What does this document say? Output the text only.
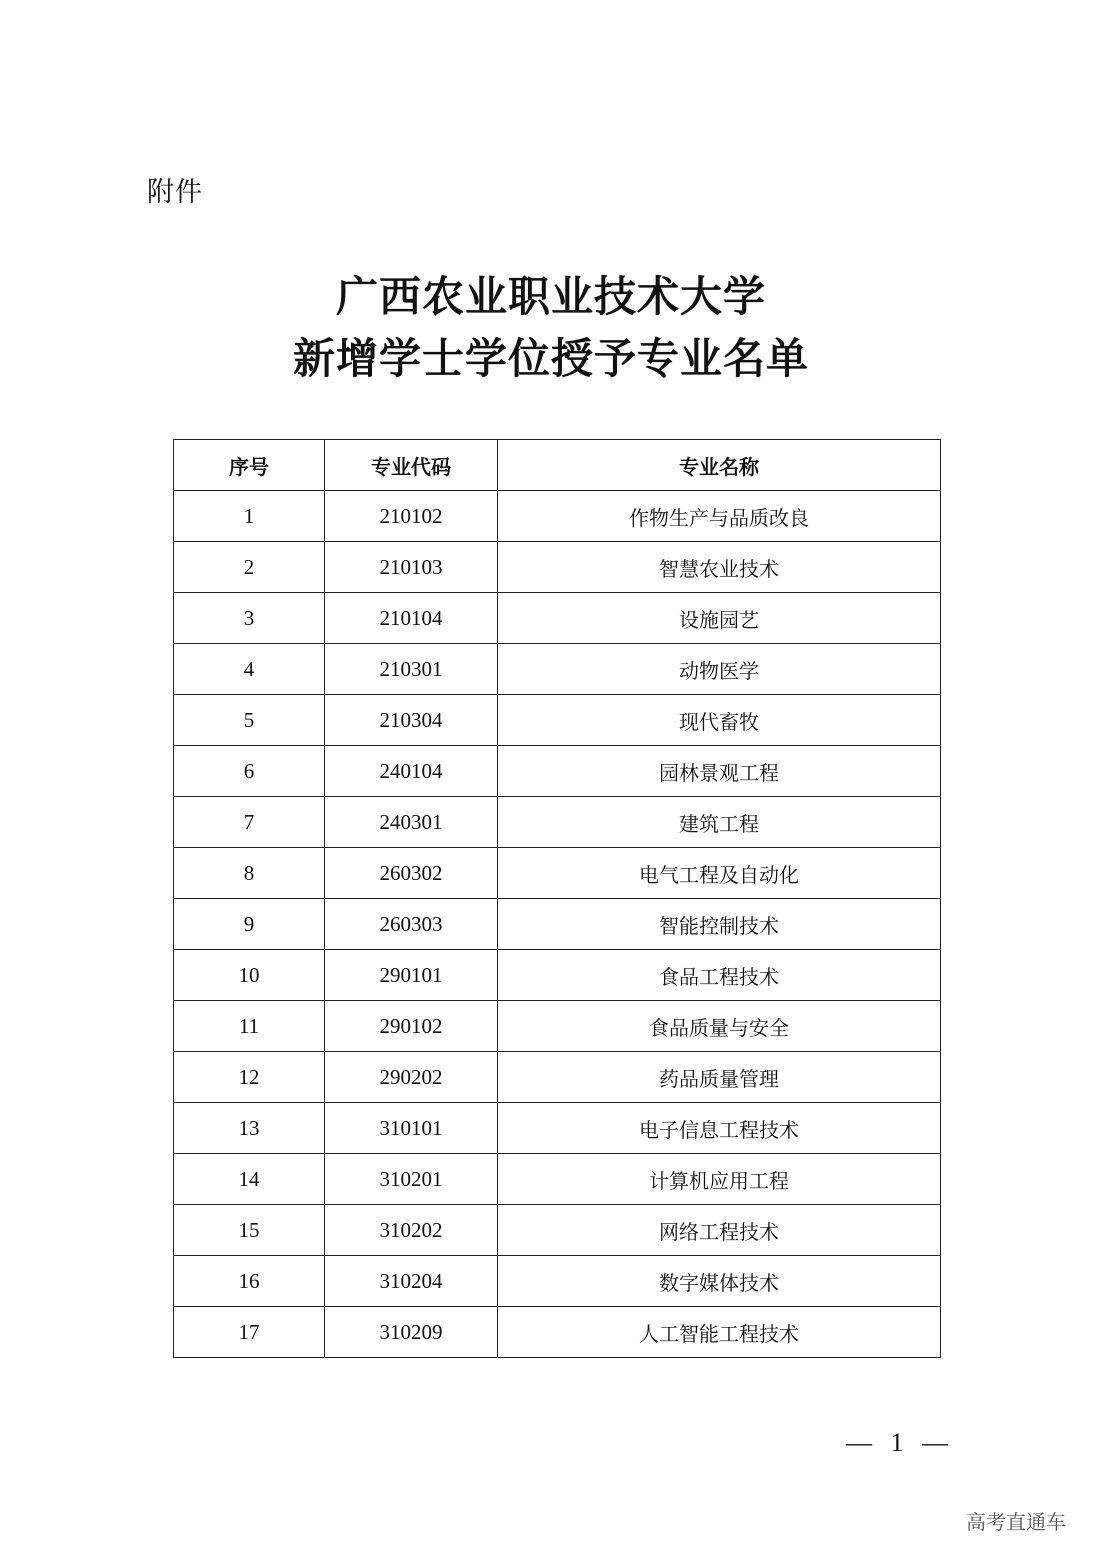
附件
广西农业职业技术大学
新增学士学位授予专业名单
序号	专业代码	专业名称
1	210102	作物生产与品质改良
2	210103	智慧农业技术
3	210104	设施园艺
4	210301	动物医学
5	210304	现代畜牧
6	240104	园林景观工程
7	240301	建筑工程
8	260302	电气工程及自动化
9	260303	智能控制技术
10	290101	食品工程技术
11	290102	食品质量与安全
12	290202	药品质量管理
13	310101	电子信息工程技术
14	310201	计算机应用工程
15	310202	网络工程技术
16	310204	数字媒体技术
17	310209	人工智能工程技术
— 1 —
高考直通车
